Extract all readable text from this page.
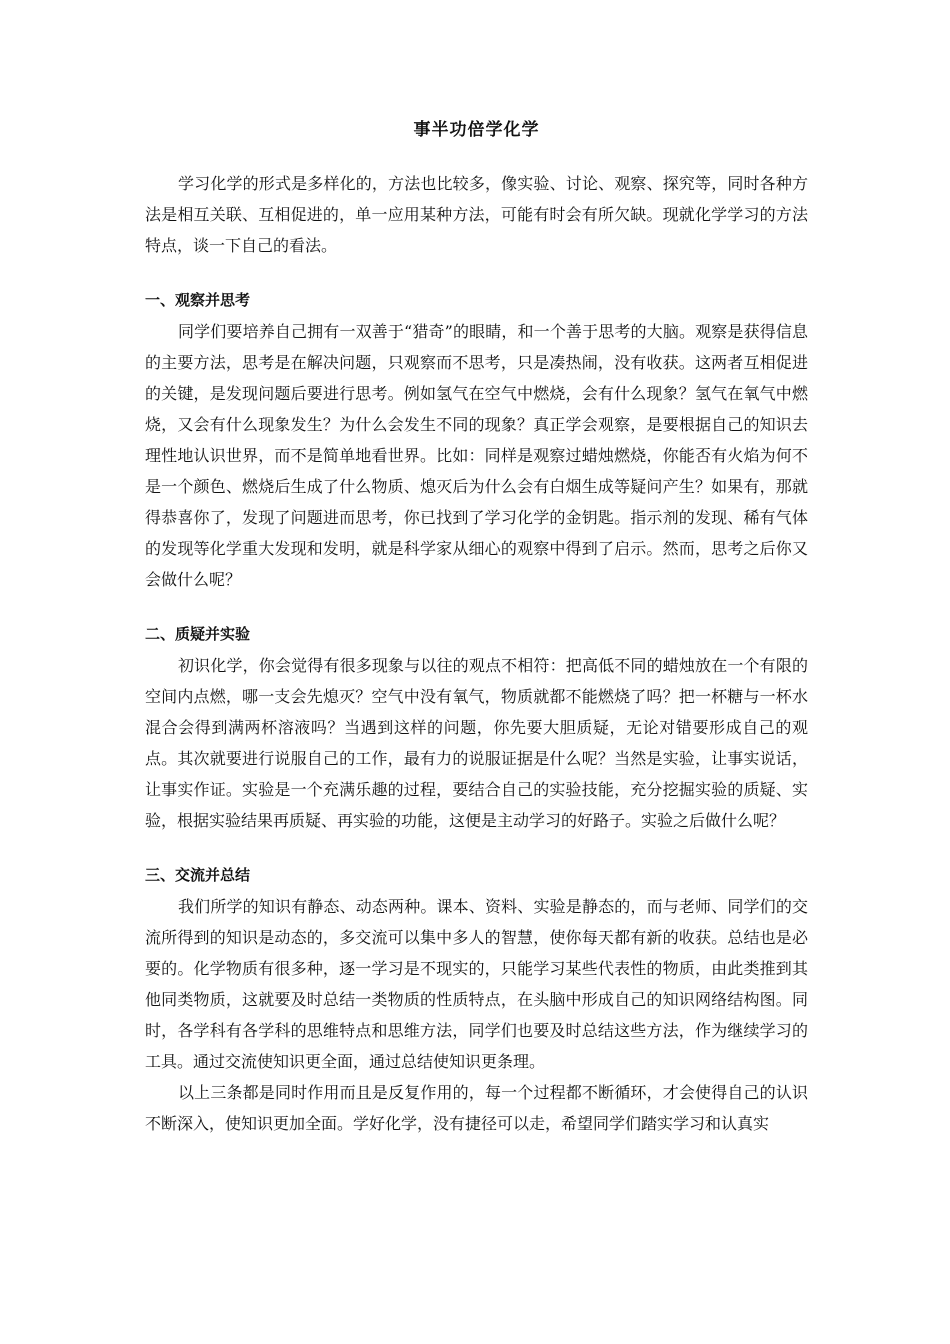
事半功倍学化学

学习化学的形式是多样化的，方法也比较多，像实验、讨论、观察、探究等，同时各种方法是相互关联、互相促进的，单一应用某种方法，可能有时会有所欠缺。现就化学学习的方法特点，谈一下自己的看法。

一、观察并思考

同学们要培养自己拥有一双善于“猎奇”的眼睛，和一个善于思考的大脑。观察是获得信息的主要方法，思考是在解决问题，只观察而不思考，只是凑热闹，没有收获。这两者互相促进的关键，是发现问题后要进行思考。例如氢气在空气中燃烧，会有什么现象？氢气在氧气中燃烧，又会有什么现象发生？为什么会发生不同的现象？真正学会观察，是要根据自己的知识去理性地认识世界，而不是简单地看世界。比如：同样是观察过蜡烛燃烧，你能否有火焰为何不是一个颜色、燃烧后生成了什么物质、熄灭后为什么会有白烟生成等疑问产生？如果有，那就得恭喜你了，发现了问题进而思考，你已找到了学习化学的金钥匙。指示剂的发现、稀有气体的发现等化学重大发现和发明，就是科学家从细心的观察中得到了启示。然而，思考之后你又会做什么呢？

二、质疑并实验

初识化学，你会觉得有很多现象与以往的观点不相符：把高低不同的蜡烛放在一个有限的空间内点燃，哪一支会先熄灭？空气中没有氧气，物质就都不能燃烧了吗？把一杯糖与一杯水混合会得到满两杯溶液吗？当遇到这样的问题，你先要大胆质疑，无论对错要形成自己的观点。其次就要进行说服自己的工作，最有力的说服证据是什么呢？当然是实验，让事实说话，让事实作证。实验是一个充满乐趣的过程，要结合自己的实验技能，充分挖掘实验的质疑、实验，根据实验结果再质疑、再实验的功能，这便是主动学习的好路子。实验之后做什么呢？

三、交流并总结

我们所学的知识有静态、动态两种。课本、资料、实验是静态的，而与老师、同学们的交流所得到的知识是动态的，多交流可以集中多人的智慧，使你每天都有新的收获。总结也是必要的。化学物质有很多种，逐一学习是不现实的，只能学习某些代表性的物质，由此类推到其他同类物质，这就要及时总结一类物质的性质特点，在头脑中形成自己的知识网络结构图。同时，各学科有各学科的思维特点和思维方法，同学们也要及时总结这些方法，作为继续学习的工具。通过交流使知识更全面，通过总结使知识更条理。

以上三条都是同时作用而且是反复作用的，每一个过程都不断循环，才会使得自己的认识不断深入，使知识更加全面。学好化学，没有捷径可以走，希望同学们踏实学习和认真实
